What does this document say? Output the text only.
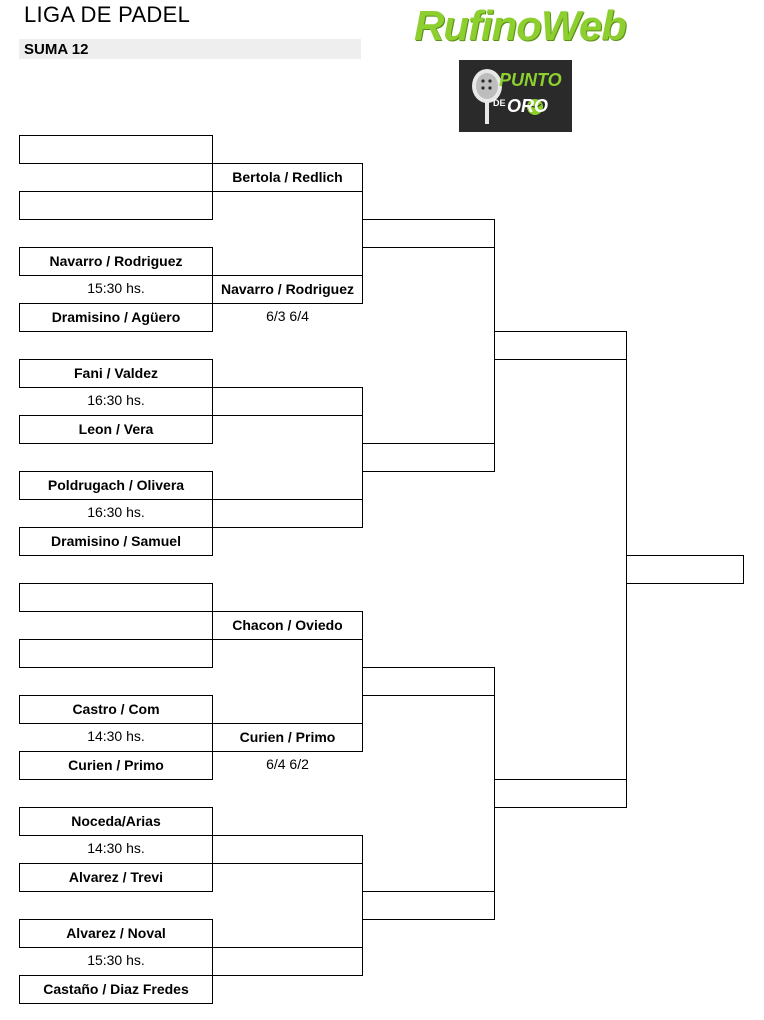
LIGA DE PADEL
SUMA 12
RufinoWeb
PUNTO
DE ORO
Navarro / Rodriguez
15:30 hs.
Dramisino / Agüero
Fani / Valdez
16:30 hs.
Leon / Vera
Poldrugach / Olivera
16:30 hs.
Dramisino / Samuel
Castro / Com
14:30 hs.
Curien / Primo
Noceda/Arias
14:30 hs.
Alvarez / Trevi
Alvarez / Noval
15:30 hs.
Castaño / Diaz Fredes
Bertola / Redlich
Navarro / Rodriguez
6/3 6/4
Chacon / Oviedo
Curien / Primo
6/4 6/2
